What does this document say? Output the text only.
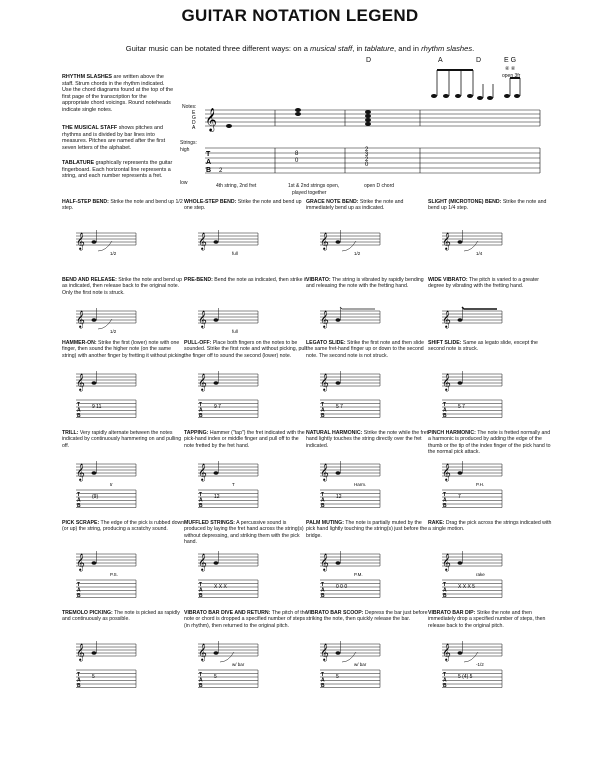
GUITAR NOTATION LEGEND
Guitar music can be notated three different ways: on a musical staff, in tablature, and in rhythm slashes.
RHYTHM SLASHES are written above the staff. Strum chords in the rhythm indicated. Use the chord diagrams found at the top of the first page of the transcription for the appropriate chord voicings. Round noteheads indicate single notes.
THE MUSICAL STAFF shows pitches and rhythms and is divided by bar lines into measures. Pitches are named after the first seven letters of the alphabet.
TABLATURE graphically represents the guitar fingerboard. Each horizontal line represents a string, and each number represents a fret.
D	A	D	E G
⑥ ⑥
open 3fr
Notes:
Strings:
high
low	4th string, 2nd fret	1st & 2nd strings open,
played together
open D chord
𝄞
E
G
D
A
T
A
B 2
8
0
2
3
2
0
HALF-STEP BEND: Strike the note and bend up 1/2 step.
𝄞
1/2
WHOLE-STEP BEND: Strike the note and bend up one step.
𝄞
full
GRACE NOTE BEND: Strike the note and immediately bend up as indicated.
𝄞
1/2
SLIGHT (MICROTONE) BEND: Strike the note and bend up 1/4 step.
𝄞
1/4
BEND AND RELEASE: Strike the note and bend up as indicated, then release back to the original note. Only the first note is struck.
𝄞
1/2
PRE-BEND: Bend the note as indicated, then strike it.
𝄞
full
VIBRATO: The string is vibrated by rapidly bending and releasing the note with the fretting hand.
𝄞
WIDE VIBRATO: The pitch is varied to a greater degree by vibrating with the fretting hand.
𝄞
HAMMER-ON: Strike the first (lower) note with one finger, then sound the higher note (on the same string) with another finger by fretting it without picking.
𝄞
T
A
B
9 11
PULL-OFF: Place both fingers on the notes to be sounded. Strike the first note and without picking, pull the finger off to sound the second (lower) note.
𝄞
T
A
B
9 7
LEGATO SLIDE: Strike the first note and then slide the same fret-hand finger up or down to the second note. The second note is not struck.
𝄞
T
A
B
5 7
SHIFT SLIDE: Same as legato slide, except the second note is struck.
𝄞
T
A
B
5 7
TRILL: Very rapidly alternate between the notes indicated by continuously hammering on and pulling off.
𝄞
tr
T
A
B
(9)
TAPPING: Hammer ("tap") the fret indicated with the pick-hand index or middle finger and pull off to the note fretted by the fret hand.
𝄞
T
T
A
B
12
NATURAL HARMONIC: Strike the note while the fret-hand lightly touches the string directly over the fret indicated.
𝄞
Harm.
T
A
B
12
PINCH HARMONIC: The note is fretted normally and a harmonic is produced by adding the edge of the thumb or the tip of the index finger of the pick hand to the normal pick attack.
𝄞
P.H.
T
A
B
7
PICK SCRAPE: The edge of the pick is rubbed down (or up) the string, producing a scratchy sound.
𝄞
P.S.
T
A
B
MUFFLED STRINGS: A percussive sound is produced by laying the fret hand across the string(s) without depressing, and striking them with the pick hand.
𝄞
T
A
B
X X X
PALM MUTING: The note is partially muted by the pick hand lightly touching the string(s) just before the bridge.
𝄞
P.M.
T
A
B
0 0 0
RAKE: Drag the pick across the strings indicated with a single motion.
𝄞
rake
T
A
B
X X X 5
TREMOLO PICKING: The note is picked as rapidly and continuously as possible.
𝄞
T
A
B
5
VIBRATO BAR DIVE AND RETURN: The pitch of the note or chord is dropped a specified number of steps (in rhythm), then returned to the original pitch.
𝄞
w/ bar
T
A
B
5
VIBRATO BAR SCOOP: Depress the bar just before striking the note, then quickly release the bar.
𝄞
w/ bar
T
A
B
5
VIBRATO BAR DIP: Strike the note and then immediately drop a specified number of steps, then release back to the original pitch.
𝄞
-1/2
T
A
B
5 (4) 5
